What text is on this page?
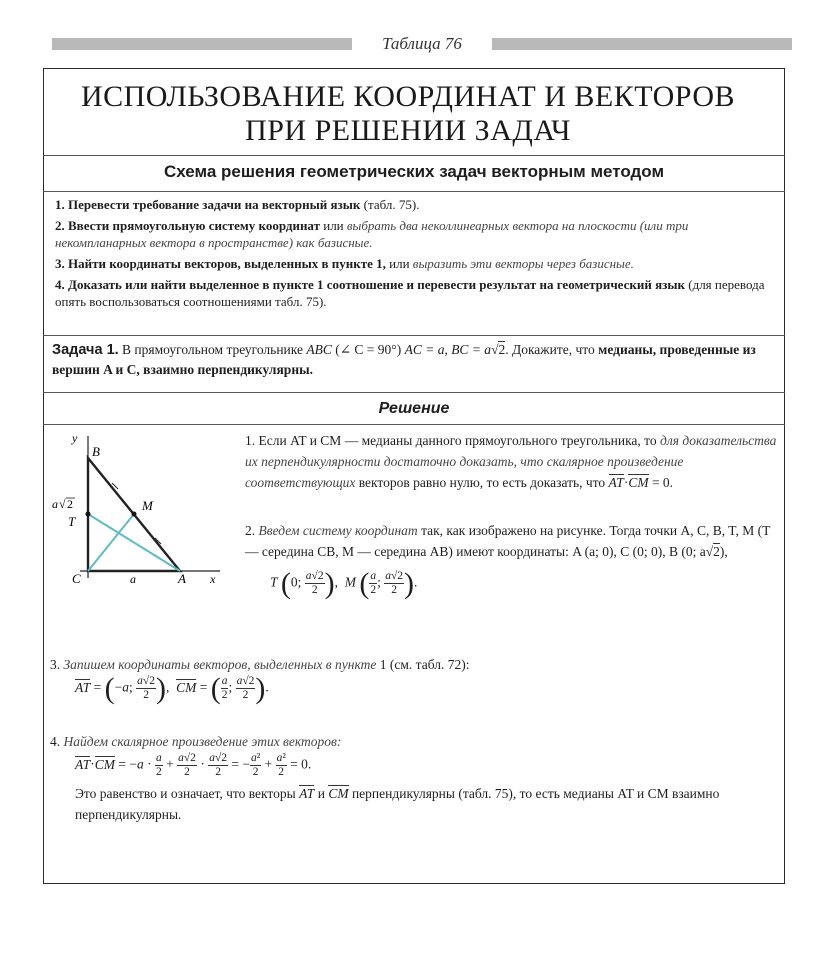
Таблица 76
ИСПОЛЬЗОВАНИЕ КООРДИНАТ И ВЕКТОРОВ
ПРИ РЕШЕНИИ ЗАДАЧ
Схема решения геометрических задач векторным методом
1. Перевести требование задачи на векторный язык (табл. 75).
2. Ввести прямоугольную систему координат или выбрать два неколлинеарных вектора на плоскости (или три некомпланарных вектора в пространстве) как базисные.
3. Найти координаты векторов, выделенных в пункте 1, или выразить эти векторы через базисные.
4. Доказать или найти выделенное в пункте 1 соотношение и перевести результат на геометрический язык (для перевода опять воспользоваться соотношениями табл. 75).
Задача 1. В прямоугольном треугольнике ABC (∠ C = 90°) AC = a, BC = a√2. Докажите, что медианы, проведенные из вершин A и C, взаимно перпендикулярны.
Решение
y
B
M
a √ 2
T
C	a	A x
1. Если AT и CM — медианы данного прямоугольного треугольника, то для доказательства их перпендикулярности достаточно доказать, что скалярное произведение соответствующих векторов равно нулю, то есть доказать, что AT·CM = 0.
2. Введем систему координат так, как изображено на рисунке. Тогда точки A, C, B, T, M (T — середина CB, M — середина AB) имеют координаты: A (a; 0), C (0; 0), B (0; a√2),
T (0; $\frac{a√2}{2}$ ),  M ( $\frac{a}{2}$ ; $\frac{a√2}{2}$ ).
3. Запишем координаты векторов, выделенных в пункте 1 (см. табл. 72):
AT = (−a; $\frac{a√2}{2}$ ),  CM = ( $\frac{a}{2}$ ; $\frac{a√2}{2}$ ).
4. Найдем скалярное произведение этих векторов:
$AT\cdot CM = -a \cdot \frac{a}{2} + \frac{a√2}{2} \cdot \frac{a√2}{2}$ = − $\frac{\text{a²}}{2} + \frac{\text{a²}}{2} = 0$.
Это равенство и означает, что векторы AT и CM перпендикулярны (табл. 75), то есть медианы AT и CM взаимно перпендикулярны.
